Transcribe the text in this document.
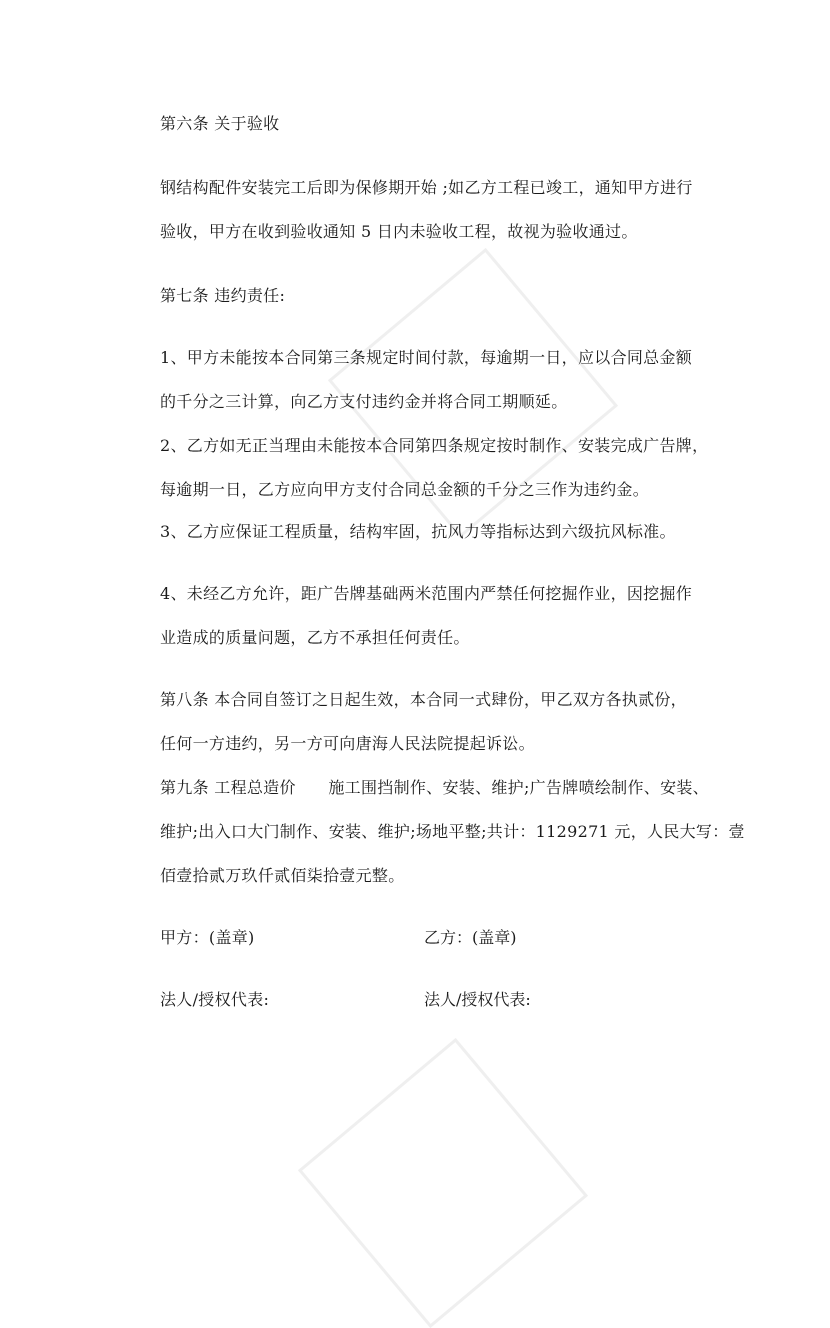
第六条 关于验收
钢结构配件安装完工后即为保修期开始 ;如乙方工程已竣工，通知甲方进行
验收，甲方在收到验收通知 5 日内未验收工程，故视为验收通过。
第七条 违约责任:
1、甲方未能按本合同第三条规定时间付款，每逾期一日，应以合同总金额
的千分之三计算，向乙方支付违约金并将合同工期顺延。
2、乙方如无正当理由未能按本合同第四条规定按时制作、安装完成广告牌，
每逾期一日，乙方应向甲方支付合同总金额的千分之三作为违约金。
3、乙方应保证工程质量，结构牢固，抗风力等指标达到六级抗风标准。
4、未经乙方允许，距广告牌基础两米范围内严禁任何挖掘作业，因挖掘作
业造成的质量问题，乙方不承担任何责任。
第八条 本合同自签订之日起生效，本合同一式肆份，甲乙双方各执贰份，
任何一方违约，另一方可向唐海人民法院提起诉讼。
第九条 工程总造价　　施工围挡制作、安装、维护;广告牌喷绘制作、安装、
维护;出入口大门制作、安装、维护;场地平整;共计：1129271 元，人民大写：壹
佰壹拾贰万玖仟贰佰柒拾壹元整。
甲方：(盖章)	乙方：(盖章)
法人/授权代表:	法人/授权代表:
